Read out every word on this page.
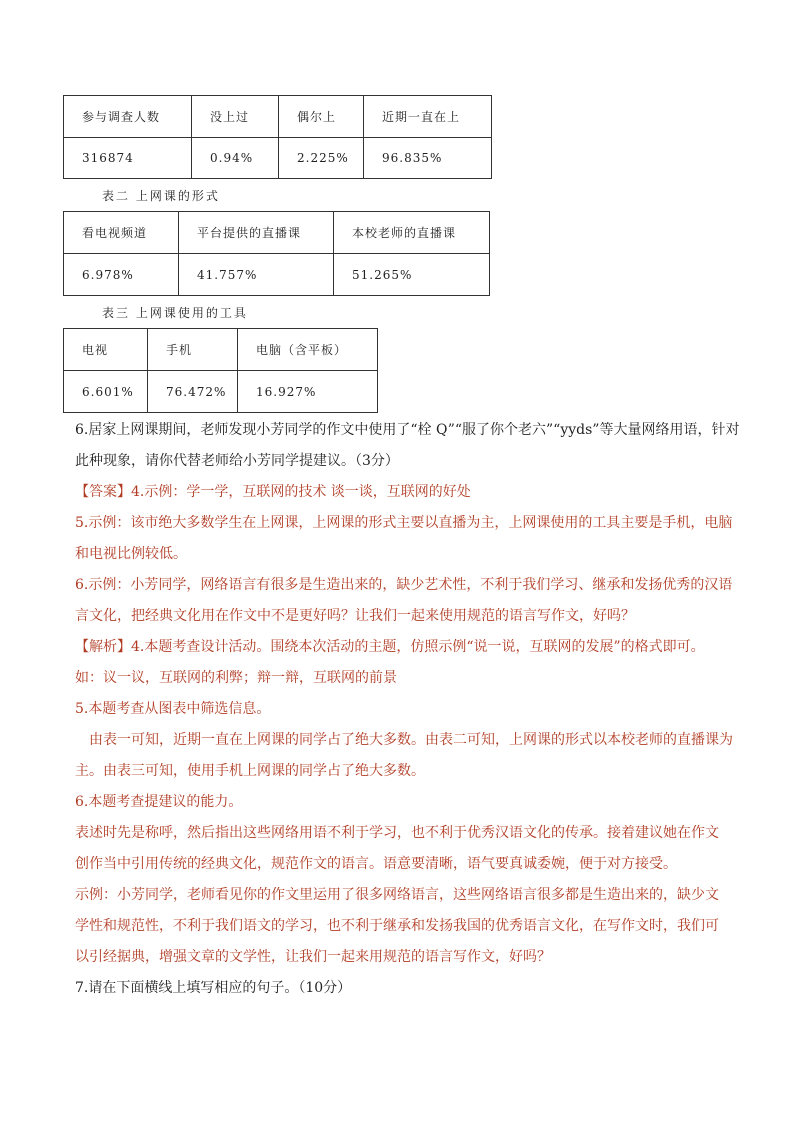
参与调查人数	没上过	偶尔上	近期一直在上
316874	0.94%	2.225%	96.835%
表二 上网课的形式
看电视频道	平台提供的直播课	本校老师的直播课
6.978%	41.757%	51.265%
表三 上网课使用的工具
电视	手机	电脑（含平板）
6.601%	76.472%	16.927%
6.居家上网课期间，老师发现小芳同学的作文中使用了“栓 Q”“服了你个老六”“yyds”等大量网络用语，针对
此种现象，请你代替老师给小芳同学提建议。（3分）
【答案】4.示例：学一学，互联网的技术 谈一谈，互联网的好处
5.示例：该市绝大多数学生在上网课，上网课的形式主要以直播为主，上网课使用的工具主要是手机，电脑
和电视比例较低。
6.示例：小芳同学，网络语言有很多是生造出来的，缺少艺术性，不利于我们学习、继承和发扬优秀的汉语
言文化，把经典文化用在作文中不是更好吗？让我们一起来使用规范的语言写作文，好吗？
【解析】4.本题考查设计活动。围绕本次活动的主题，仿照示例“说一说，互联网的发展”的格式即可。
如：议一议，互联网的利弊；辩一辩，互联网的前景
5.本题考查从图表中筛选信息。
由表一可知，近期一直在上网课的同学占了绝大多数。由表二可知，上网课的形式以本校老师的直播课为
主。由表三可知，使用手机上网课的同学占了绝大多数。
6.本题考查提建议的能力。
表述时先是称呼，然后指出这些网络用语不利于学习，也不利于优秀汉语文化的传承。接着建议她在作文
创作当中引用传统的经典文化，规范作文的语言。语意要清晰，语气要真诚委婉，便于对方接受。
示例：小芳同学，老师看见你的作文里运用了很多网络语言，这些网络语言很多都是生造出来的，缺少文
学性和规范性，不利于我们语文的学习，也不利于继承和发扬我国的优秀语言文化，在写作文时，我们可
以引经据典，增强文章的文学性，让我们一起来用规范的语言写作文，好吗？
7.请在下面横线上填写相应的句子。（10分）
